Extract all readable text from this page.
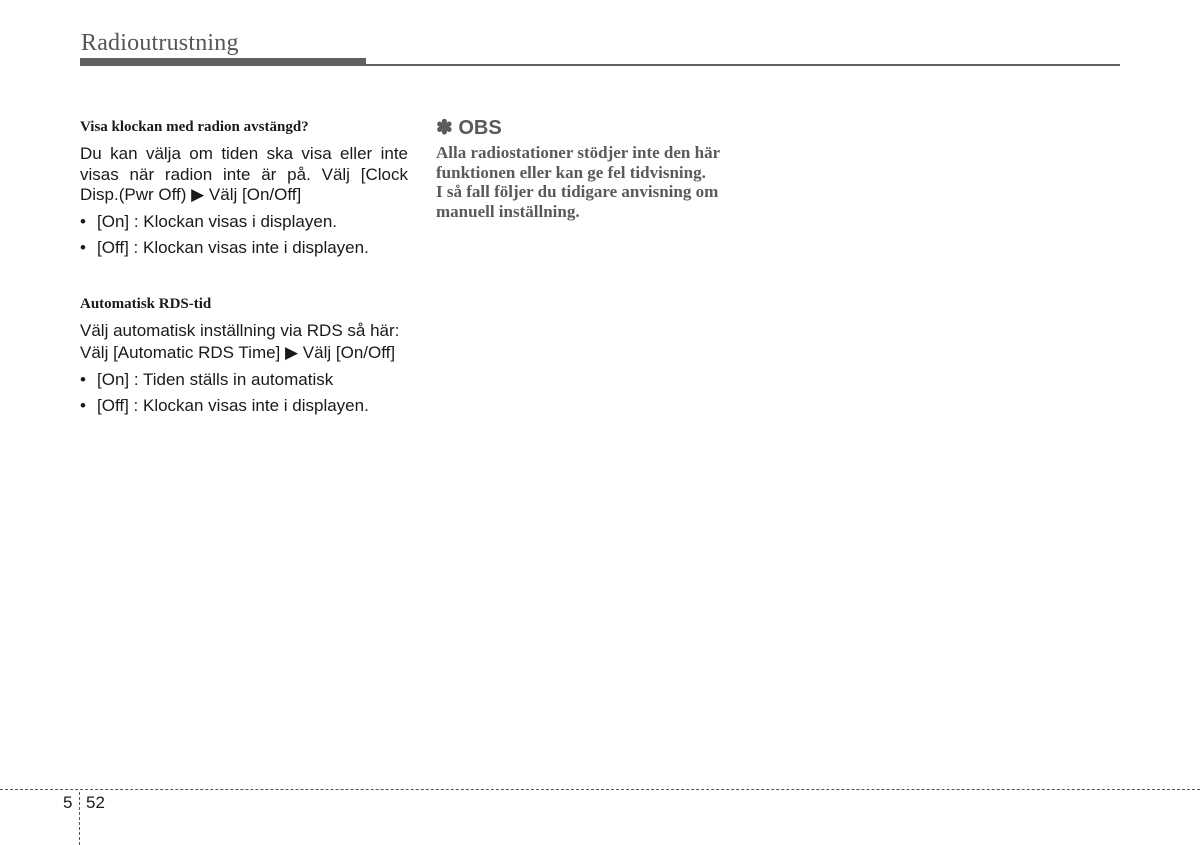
Radioutrustning
Visa klockan med radion avstängd?
Du kan välja om tiden ska visa eller inte visas när radion inte är på. Välj [Clock Disp.(Pwr Off) ▶ Välj [On/Off]
• [On] : Klockan visas i displayen.
• [Off] : Klockan visas inte i displayen.
Automatisk RDS-tid
Välj automatisk inställning via RDS så här:
Välj [Automatic RDS Time] ▶ Välj [On/Off]
• [On] : Tiden ställs in automatisk
• [Off] : Klockan visas inte i displayen.
✽ OBS
Alla radiostationer stödjer inte den här
funktionen eller kan ge fel tidvisning.
I så fall följer du tidigare anvisning om
manuell inställning.
5 52
